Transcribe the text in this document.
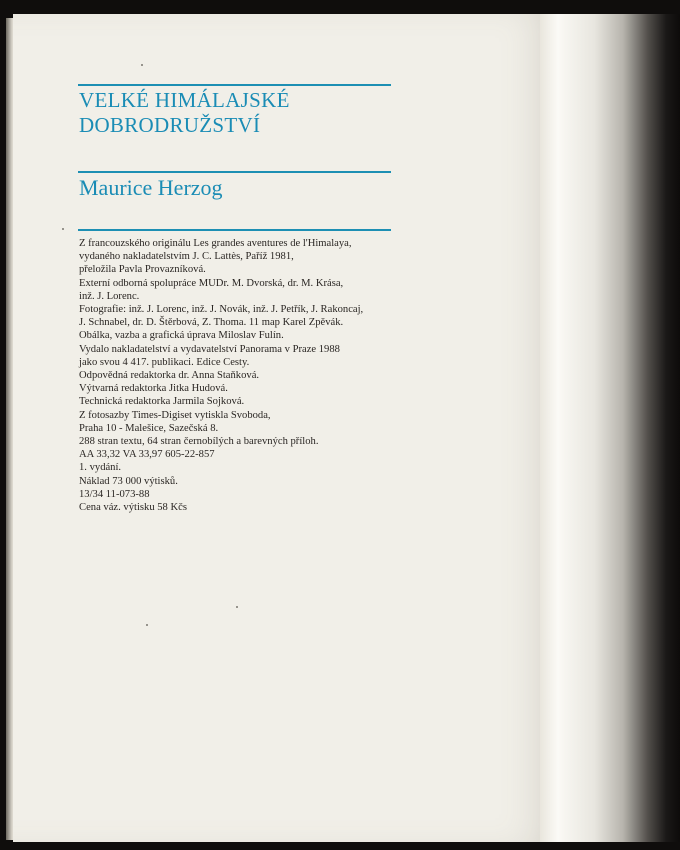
VELKÉ HIMÁLAJSKÉ
DOBRODRUŽSTVÍ
Maurice Herzog
Z francouzského originálu Les grandes aventures de l'Himalaya,
vydaného nakladatelstvím J. C. Lattès, Paříž 1981,
přeložila Pavla Provazníková.
Externí odborná spolupráce MUDr. M. Dvorská, dr. M. Krása,
inž. J. Lorenc.
Fotografie: inž. J. Lorenc, inž. J. Novák, inž. J. Petřík, J. Rakoncaj,
J. Schnabel, dr. D. Štěrbová, Z. Thoma. 11 map Karel Zpěvák.
Obálka, vazba a grafická úprava Miloslav Fulín.
Vydalo nakladatelství a vydavatelství Panorama v Praze 1988
jako svou 4 417. publikaci. Edice Cesty.
Odpovědná redaktorka dr. Anna Staňková.
Výtvarná redaktorka Jitka Hudová.
Technická redaktorka Jarmila Sojková.
Z fotosazby Times-Digiset vytiskla Svoboda,
Praha 10 - Malešice, Sazečská 8.
288 stran textu, 64 stran černobílých a barevných příloh.
AA 33,32 VA 33,97 605-22-857
1. vydání.
Náklad 73 000 výtisků.
13/34 11-073-88
Cena váz. výtisku 58 Kčs
